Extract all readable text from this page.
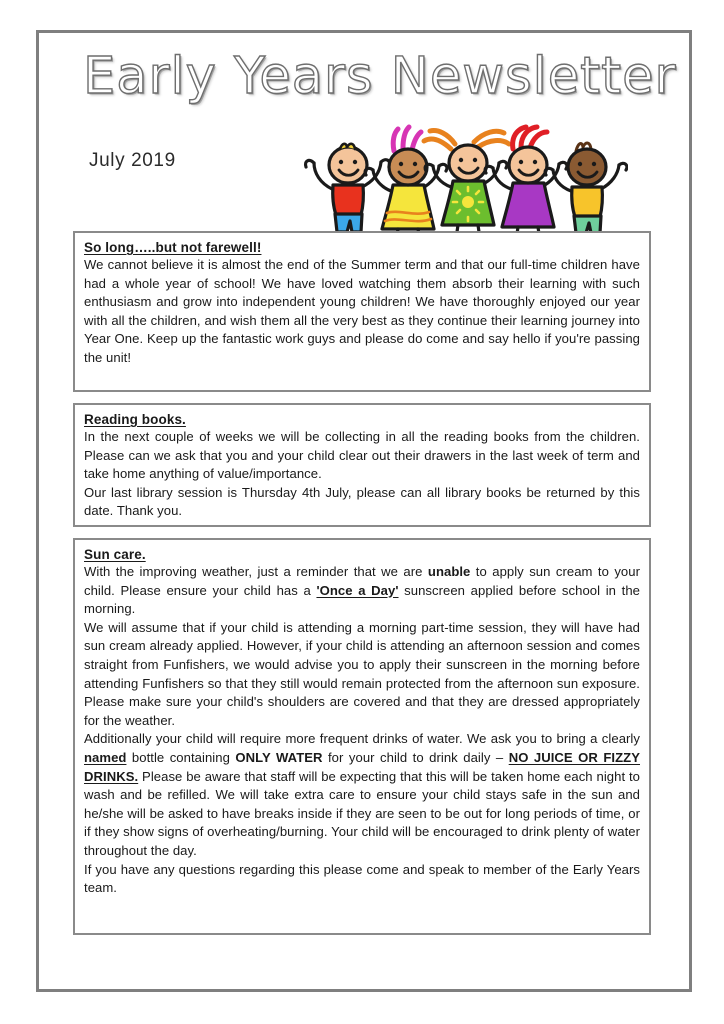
Early Years Newsletter
July 2019
So long…..but not farewell!

We cannot believe it is almost the end of the Summer term and that our full-time children have had a whole year of school! We have loved watching them absorb their learning with such enthusiasm and grow into independent young children! We have thoroughly enjoyed our year with all the children, and wish them all the very best as they continue their learning journey into Year One. Keep up the fantastic work guys and please do come and say hello if you're passing the unit!

Reading books.

In the next couple of weeks we will be collecting in all the reading books from the children. Please can we ask that you and your child clear out their drawers in the last week of term and take home anything of value/importance.

Our last library session is Thursday 4th July, please can all library books be returned by this date. Thank you.

Sun care.

With the improving weather, just a reminder that we are unable to apply sun cream to your child. Please ensure your child has a 'Once a Day' sunscreen applied before school in the morning.

We will assume that if your child is attending a morning part-time session, they will have had sun cream already applied. However, if your child is attending an afternoon session and comes straight from Funfishers, we would advise you to apply their sunscreen in the morning before attending Funfishers so that they still would remain protected from the afternoon sun exposure. Please make sure your child's shoulders are covered and that they are dressed appropriately for the weather.

Additionally your child will require more frequent drinks of water. We ask you to bring a clearly named bottle containing ONLY WATER for your child to drink daily – NO JUICE OR FIZZY DRINKS. Please be aware that staff will be expecting that this will be taken home each night to wash and be refilled. We will take extra care to ensure your child stays safe in the sun and he/she will be asked to have breaks inside if they are seen to be out for long periods of time, or if they show signs of overheating/burning. Your child will be encouraged to drink plenty of water throughout the day.

If you have any questions regarding this please come and speak to member of the Early Years team.
